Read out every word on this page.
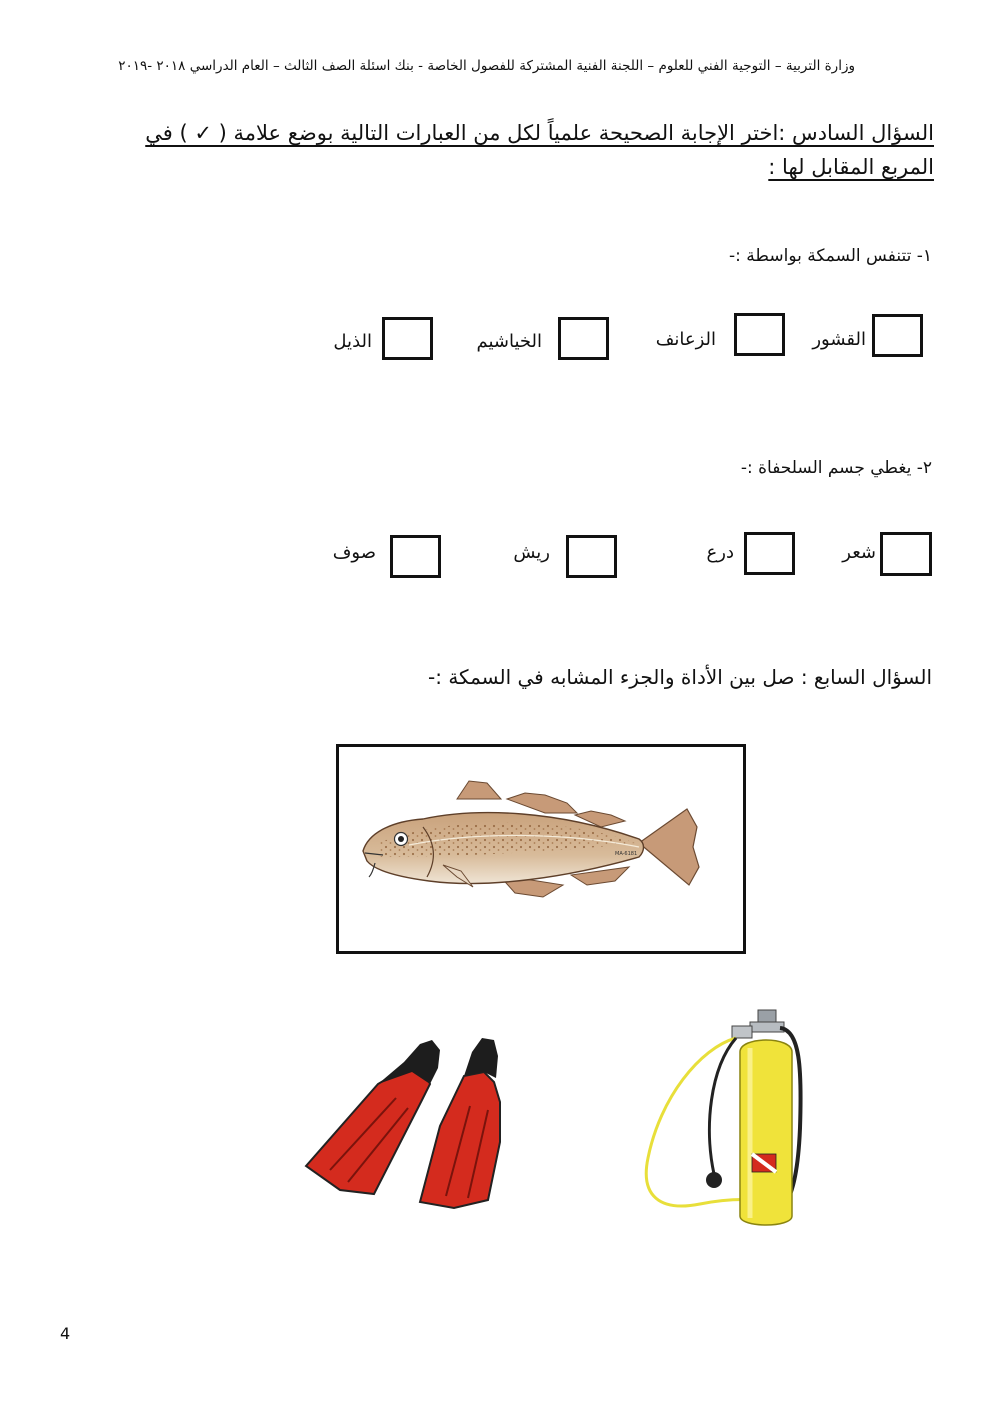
وزارة التربية – التوجية الفني للعلوم – اللجنة الفنية المشتركة للفصول الخاصة - بنك اسئلة الصف الثالث – العام الدراسي ٢٠١٨ -٢٠١٩
السؤال السادس :اختر الإجابة الصحيحة علمياً لكل من العبارات التالية بوضع علامة ( ✓ ) في المربع المقابل لها :
١- تتنفس السمكة بواسطة :-
القشور
الزعانف
الخياشيم
الذيل
٢- يغطي جسم السلحفاة :-
شعر
درع
ريش
صوف
السؤال السابع : صل بين الأداة والجزء المشابه في السمكة :-
MA-6181
4
